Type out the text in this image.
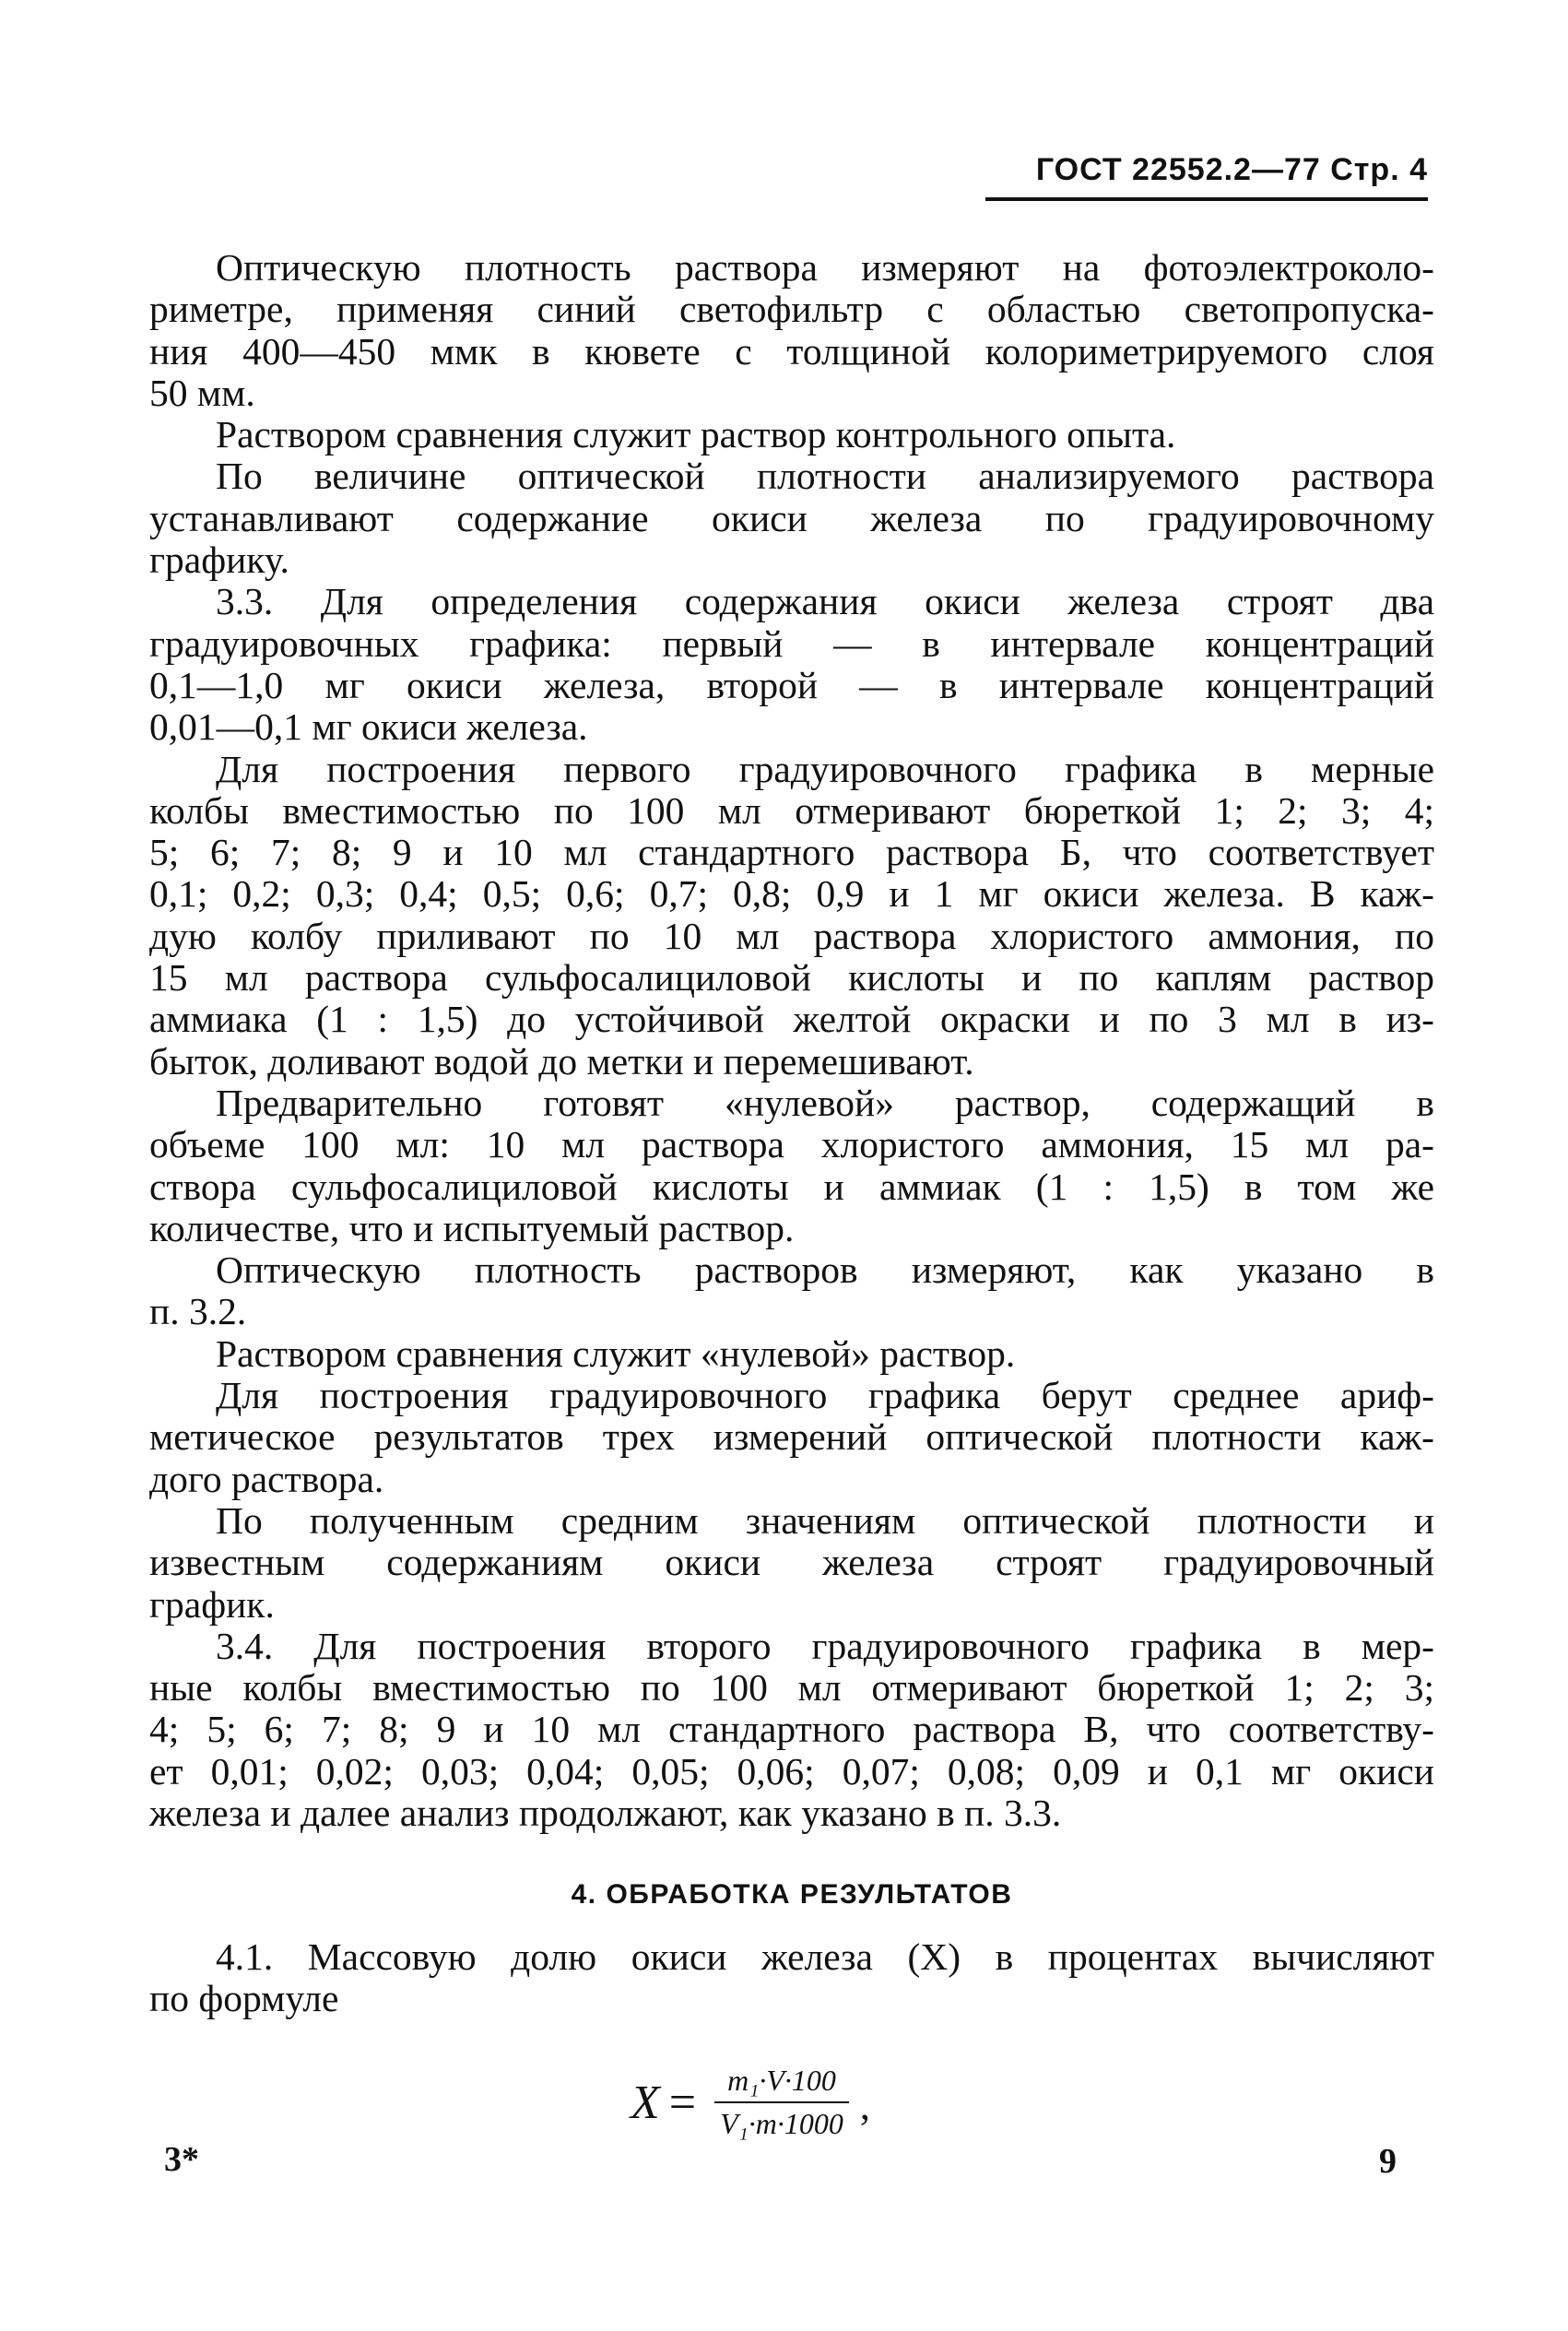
ГОСТ 22552.2—77 Стр. 4

Оптическую плотность раствора измеряют на фотоэлектроколо-
риметре, применяя синий светофильтр с областью светопропуска-
ния 400—450 ммк в кювете с толщиной колориметрируемого слоя
50 мм.

Раствором сравнения служит раствор контрольного опыта.

По величине оптической плотности анализируемого раствора
устанавливают содержание окиси железа по градуировочному
графику.

3.3. Для определения содержания окиси железа строят два
градуировочных графика: первый — в интервале концентраций
0,1—1,0 мг окиси железа, второй — в интервале концентраций
0,01—0,1 мг окиси железа.

Для построения первого градуировочного графика в мерные
колбы вместимостью по 100 мл отмеривают бюреткой 1; 2; 3; 4;
5; 6; 7; 8; 9 и 10 мл стандартного раствора Б, что соответствует
0,1; 0,2; 0,3; 0,4; 0,5; 0,6; 0,7; 0,8; 0,9 и 1 мг окиси железа. В каж-
дую колбу приливают по 10 мл раствора хлористого аммония, по
15 мл раствора сульфосалициловой кислоты и по каплям раствор
аммиака (1 : 1,5) до устойчивой желтой окраски и по 3 мл в из-
быток, доливают водой до метки и перемешивают.

Предварительно готовят «нулевой» раствор, содержащий в
объеме 100 мл: 10 мл раствора хлористого аммония, 15 мл ра-
створа сульфосалициловой кислоты и аммиак (1 : 1,5) в том же
количестве, что и испытуемый раствор.

Оптическую плотность растворов измеряют, как указано в
п. 3.2.

Раствором сравнения служит «нулевой» раствор.

Для построения градуировочного графика берут среднее ариф-
метическое результатов трех измерений оптической плотности каж-
дого раствора.

По полученным средним значениям оптической плотности и
известным содержаниям окиси железа строят градуировочный
график.

3.4. Для построения второго градуировочного графика в мер-
ные колбы вместимостью по 100 мл отмеривают бюреткой 1; 2; 3;
4; 5; 6; 7; 8; 9 и 10 мл стандартного раствора В, что соответству-
ет 0,01; 0,02; 0,03; 0,04; 0,05; 0,06; 0,07; 0,08; 0,09 и 0,1 мг окиси
железа и далее анализ продолжают, как указано в п. 3.3.

4. ОБРАБОТКА РЕЗУЛЬТАТОВ

4.1. Массовую долю окиси железа (X) в процентах вычисляют
по формуле

$X = \frac{\text{m₁·V·100}}{\text{V₁·m·1000}}$ ,
3*	9
